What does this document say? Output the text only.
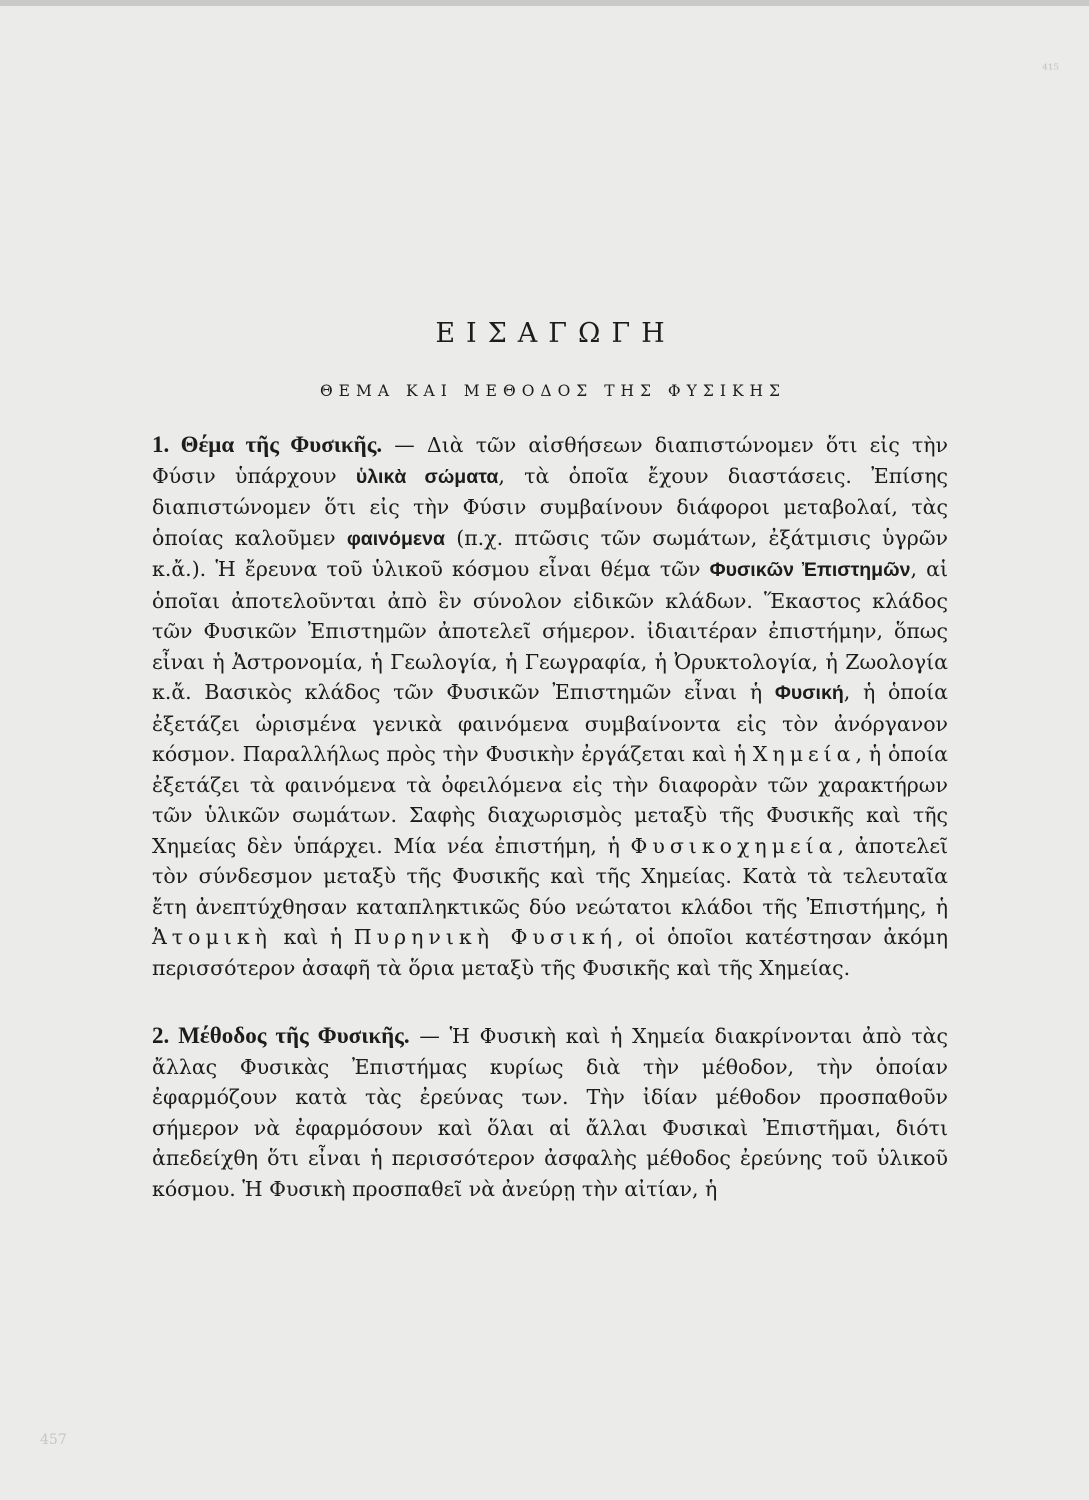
⁴¹⁵
457
ΕΙΣΑΓΩΓΗ
ΘΕΜΑ ΚΑΙ ΜΕΘΟΔΟΣ ΤΗΣ ΦΥΣΙΚΗΣ

1. Θέμα τῆς Φυσικῆς. — Διὰ τῶν αἰσθήσεων διαπιστώνομεν ὅτι εἰς τὴν Φύσιν ὑπάρχουν ὑλικὰ σώματα, τὰ ὁποῖα ἔχουν διαστάσεις. Ἐπίσης διαπιστώνομεν ὅτι εἰς τὴν Φύσιν συμβαίνουν διάφοροι μεταβολαί, τὰς ὁποίας καλοῦμεν φαινόμενα (π.χ. πτῶσις τῶν σωμάτων, ἐξάτμισις ὑγρῶν κ.ἄ.). Ἡ ἔρευνα τοῦ ὑλικοῦ κόσμου εἶναι θέμα τῶν Φυσικῶν Ἐπιστημῶν, αἱ ὁποῖαι ἀποτελοῦνται ἀπὸ ἓν σύνολον εἰδικῶν κλάδων. Ἕκαστος κλάδος τῶν Φυσικῶν Ἐπιστημῶν ἀποτελεῖ σήμερον. ἰδιαιτέραν ἐπιστήμην, ὅπως εἶναι ἡ Ἀστρονομία, ἡ Γεωλογία, ἡ Γεωγραφία, ἡ Ὀρυκτολογία, ἡ Ζωολογία κ.ἄ. Βασικὸς κλάδος τῶν Φυσικῶν Ἐπιστημῶν εἶναι ἡ Φυσική, ἡ ὁποία ἐξετάζει ὡρισμένα γενικὰ φαινόμενα συμβαίνοντα εἰς τὸν ἀνόργανον κόσμον. Παραλλήλως πρὸς τὴν Φυσικὴν ἐργάζεται καὶ ἡ Χημεία, ἡ ὁποία ἐξετάζει τὰ φαινόμενα τὰ ὀφειλόμενα εἰς τὴν διαφορὰν τῶν χαρακτήρων τῶν ὑλικῶν σωμάτων. Σαφὴς διαχωρισμὸς μεταξὺ τῆς Φυσικῆς καὶ τῆς Χημείας δὲν ὑπάρχει. Μία νέα ἐπιστήμη, ἡ Φυσικοχημεία, ἀποτελεῖ τὸν σύνδεσμον μεταξὺ τῆς Φυσικῆς καὶ τῆς Χημείας. Κατὰ τὰ τελευταῖα ἔτη ἀνεπτύχθησαν καταπληκτικῶς δύο νεώτατοι κλάδοι τῆς Ἐπιστήμης, ἡ Ἀτομικὴ καὶ ἡ Πυρηνικὴ Φυσική, οἱ ὁποῖοι κατέστησαν ἀκόμη περισσότερον ἀσαφῆ τὰ ὅρια μεταξὺ τῆς Φυσικῆς καὶ τῆς Χημείας.

2. Μέθοδος τῆς Φυσικῆς. — Ἡ Φυσικὴ καὶ ἡ Χημεία διακρίνονται ἀπὸ τὰς ἄλλας Φυσικὰς Ἐπιστήμας κυρίως διὰ τὴν μέθοδον, τὴν ὁποίαν ἐφαρμόζουν κατὰ τὰς ἐρεύνας των. Τὴν ἰδίαν μέθοδον προσπαθοῦν σήμερον νὰ ἐφαρμόσουν καὶ ὅλαι αἱ ἄλλαι Φυσικαὶ Ἐπιστῆμαι, διότι ἀπεδείχθη ὅτι εἶναι ἡ περισσότερον ἀσφαλὴς μέθοδος ἐρεύνης τοῦ ὑλικοῦ κόσμου. Ἡ Φυσικὴ προσπαθεῖ νὰ ἀνεύρῃ τὴν αἰτίαν, ἡ
